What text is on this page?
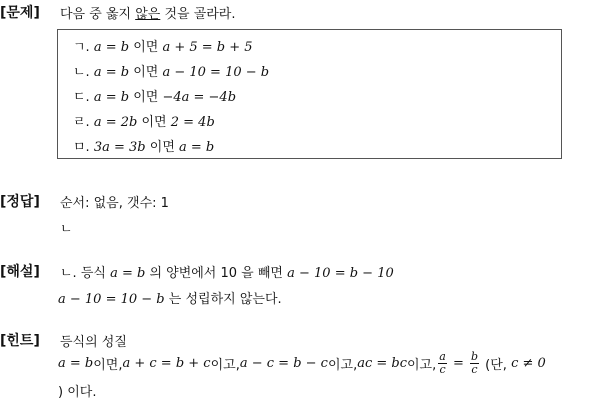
[문제] 다음 중 옳지 않은 것을 골라라.
ㄱ. a = b 이면 a + 5 = b + 5
ㄴ. a = b 이면 a − 10 = 10 − b
ㄷ. a = b 이면 −4a = −4b
ㄹ. a = 2b 이면 2 = 4b
ㅁ. 3a = 3b 이면 a = b
[정답] 순서: 없음, 갯수: 1
ㄴ
[해설] ㄴ. 등식 a = b 의 양변에서 10 을 빼면 a − 10 = b − 10
a − 10 = 10 − b 는 성립하지 않는다.
[힌트] 등식의 성질
a = b 이면, a + c = b + c 이고, a − c = b − c 이고, ac = bc 이고, $\frac{a}{c} = \frac{b}{c}$ (단, c ≠ 0
) 이다.
